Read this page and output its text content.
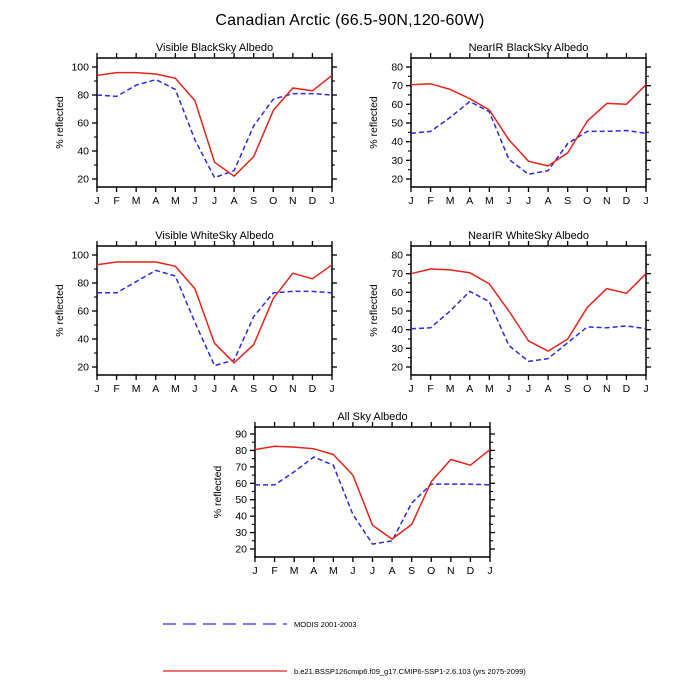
Canadian Arctic (66.5-90N,120-60W)
20
40
60
80
100
J F M A M J J A S O N D J
Visible BlackSky Albedo
% reflected
20
30
40
50
60
70
80
J F M A M J J A S O N D J
NearIR BlackSky Albedo
% reflected
20
40
60
80
100
J F M A M J J A S O N D J
Visible WhiteSky Albedo
% reflected
20
30
40
50
60
70
80
J F M A M J J A S O N D J
NearIR WhiteSky Albedo
% reflected
20
30
40
50
60
70
80
90
J F M A M J J A S O N D J
All Sky Albedo
% reflected
MODIS 2001-2003
b.e21.BSSP126cmip6.f09_g17.CMIP6-SSP1-2.6.103 (yrs 2075-2099)
